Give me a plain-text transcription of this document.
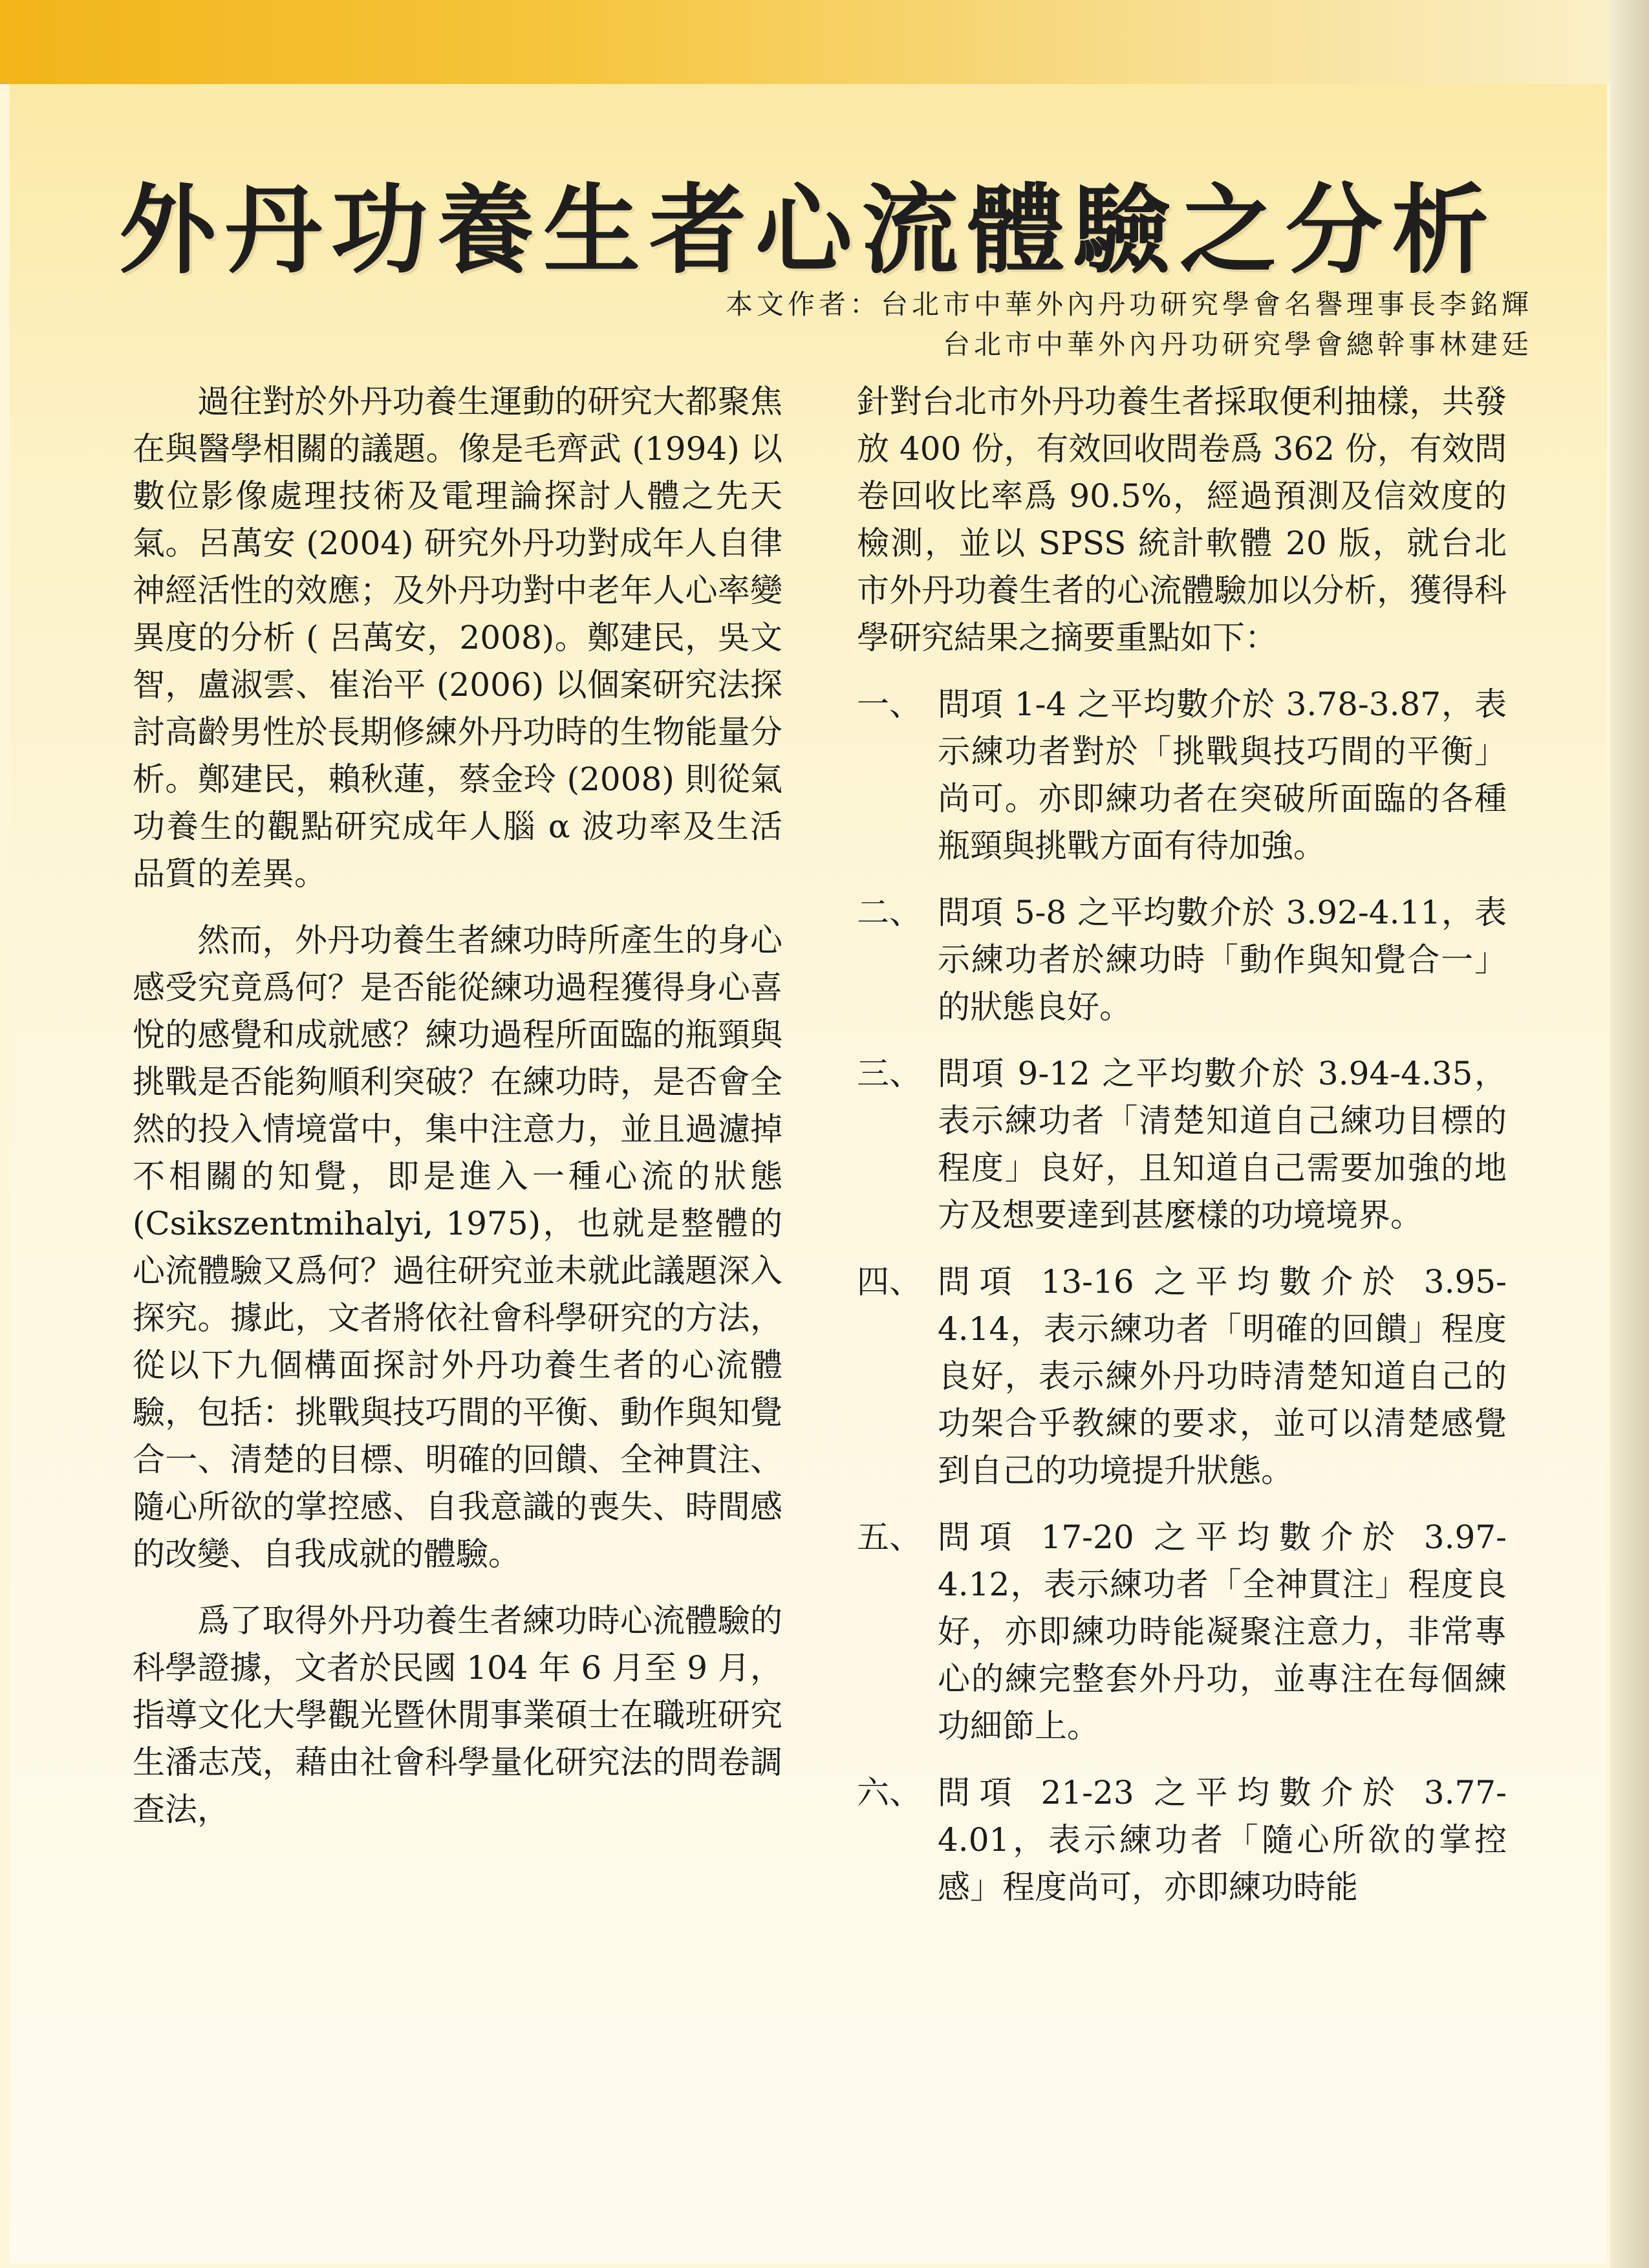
外丹功養生者心流體驗之分析
本文作者：台北市中華外內丹功研究學會名譽理事長李銘輝
台北市中華外內丹功研究學會總幹事林建廷

過往對於外丹功養生運動的研究大都聚焦在與醫學相關的議題。像是毛齊武 (1994) 以數位影像處理技術及電理論探討人體之先天氣。呂萬安 (2004) 研究外丹功對成年人自律神經活性的效應；及外丹功對中老年人心率變異度的分析 ( 呂萬安，2008)。鄭建民，吳文智，盧淑雲、崔治平 (2006) 以個案研究法探討高齡男性於長期修練外丹功時的生物能量分析。鄭建民，賴秋蓮，蔡金玲 (2008) 則從氣功養生的觀點研究成年人腦 α 波功率及生活品質的差異。

然而，外丹功養生者練功時所產生的身心感受究竟爲何？是否能從練功過程獲得身心喜悅的感覺和成就感？練功過程所面臨的瓶頸與挑戰是否能夠順利突破？在練功時，是否會全然的投入情境當中，集中注意力，並且過濾掉不相關的知覺，即是進入一種心流的狀態 (Csikszentmihalyi, 1975)，也就是整體的心流體驗又爲何？過往研究並未就此議題深入探究。據此，文者將依社會科學研究的方法，從以下九個構面探討外丹功養生者的心流體驗，包括：挑戰與技巧間的平衡、動作與知覺合一、清楚的目標、明確的回饋、全神貫注、隨心所欲的掌控感、自我意識的喪失、時間感的改變、自我成就的體驗。

爲了取得外丹功養生者練功時心流體驗的科學證據，文者於民國 104 年 6 月至 9 月，指導文化大學觀光暨休閒事業碩士在職班研究生潘志茂，藉由社會科學量化研究法的問卷調查法，

針對台北市外丹功養生者採取便利抽樣，共發放 400 份，有效回收問卷爲 362 份，有效問卷回收比率爲 90.5%，經過預測及信效度的檢測，並以 SPSS 統計軟體 20 版，就台北市外丹功養生者的心流體驗加以分析，獲得科學研究結果之摘要重點如下：

一、 問項 1-4 之平均數介於 3.78-3.87，表示練功者對於「挑戰與技巧間的平衡」尚可。亦即練功者在突破所面臨的各種瓶頸與挑戰方面有待加強。
二、 問項 5-8 之平均數介於 3.92-4.11，表示練功者於練功時「動作與知覺合一」的狀態良好。
三、 問項 9-12 之平均數介於 3.94-4.35，表示練功者「清楚知道自己練功目標的程度」良好，且知道自己需要加強的地方及想要達到甚麼樣的功境境界。
四、 問項 13-16 之平均數介於 3.95-4.14，表示練功者「明確的回饋」程度良好，表示練外丹功時清楚知道自己的功架合乎教練的要求，並可以清楚感覺到自己的功境提升狀態。
五、 問項 17-20 之平均數介於 3.97-4.12，表示練功者「全神貫注」程度良好，亦即練功時能凝聚注意力，非常專心的練完整套外丹功，並專注在每個練功細節上。
六、 問項 21-23 之平均數介於 3.77-4.01，表示練功者「隨心所欲的掌控感」程度尚可，亦即練功時能
